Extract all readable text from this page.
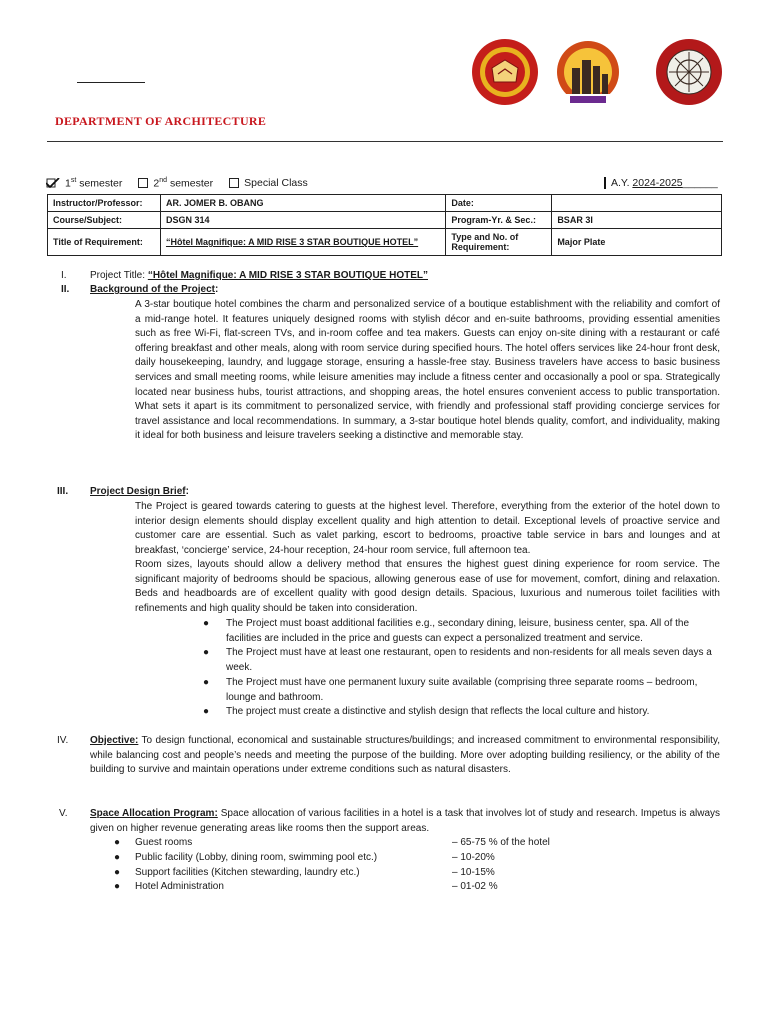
DEPARTMENT OF ARCHITECTURE
1st semester	2nd semester	Special Class	A.Y. 2024-2025______
Instructor/Professor:	AR. JOMER B. OBANG	Date:	
Course/Subject:	DSGN 314	Program-Yr. & Sec.:	BSAR 3I
Title of Requirement:	“Hôtel Magnifique: A MID RISE 3 STAR BOUTIQUE HOTEL”	Type and No. of Requirement:	Major Plate
I.	Project Title: “Hôtel Magnifique: A MID RISE 3 STAR BOUTIQUE HOTEL”
II.	Background of the Project:
A 3-star boutique hotel combines the charm and personalized service of a boutique establishment with the reliability and comfort of a mid-range hotel. It features uniquely designed rooms with stylish décor and en-suite bathrooms, providing essential amenities such as free Wi-Fi, flat-screen TVs, and in-room coffee and tea makers. Guests can enjoy on-site dining with a restaurant or café offering breakfast and other meals, along with room service during specified hours. The hotel offers services like 24-hour front desk, daily housekeeping, laundry, and luggage storage, ensuring a hassle-free stay. Business travelers have access to basic business services and small meeting rooms, while leisure amenities may include a fitness center and occasionally a pool or spa. Strategically located near business hubs, tourist attractions, and shopping areas, the hotel ensures convenient access to public transportation. What sets it apart is its commitment to personalized service, with friendly and professional staff providing concierge services for travel assistance and local recommendations. In summary, a 3-star boutique hotel blends quality, comfort, and individuality, making it ideal for both business and leisure travelers seeking a distinctive and memorable stay.
III.	Project Design Brief:
The Project is geared towards catering to guests at the highest level. Therefore, everything from the exterior of the hotel down to interior design elements should display excellent quality and high attention to detail. Exceptional levels of proactive service and customer care are essential. Such as valet parking, escort to bedrooms, proactive table service in bars and lounges and at breakfast, ‘concierge’ service, 24-hour reception, 24-hour room service, full afternoon tea.
Room sizes, layouts should allow a delivery method that ensures the highest guest dining experience for room service. The significant majority of bedrooms should be spacious, allowing generous ease of use for movement, comfort, dining and relaxation. Beds and headboards are of excellent quality with good design details. Spacious, luxurious and numerous toilet facilities with refinements and high quality should be taken into consideration.
● The Project must boast additional facilities e.g., secondary dining, leisure, business center, spa. All of the facilities are included in the price and guests can expect a personalized treatment and service.
● The Project must have at least one restaurant, open to residents and non-residents for all meals seven days a week.
● The Project must have one permanent luxury suite available (comprising three separate rooms – bedroom, lounge and bathroom.
● The project must create a distinctive and stylish design that reflects the local culture and history.
IV.	Objective: To design functional, economical and sustainable structures/buildings; and increased commitment to environmental responsibility, while balancing cost and people’s needs and meeting the purpose of the building. More over adopting building resiliency, or the ability of the building to survive and maintain operations under extreme conditions such as natural disasters.
V.	Space Allocation Program: Space allocation of various facilities in a hotel is a task that involves lot of study and research. Impetus is always given on higher revenue generating areas like rooms then the support areas.
● Guest rooms	– 65-75 % of the hotel
● Public facility (Lobby, dining room, swimming pool etc.)	– 10-20%
● Support facilities (Kitchen stewarding, laundry etc.)	– 10-15%
● Hotel Administration	– 01-02 %
